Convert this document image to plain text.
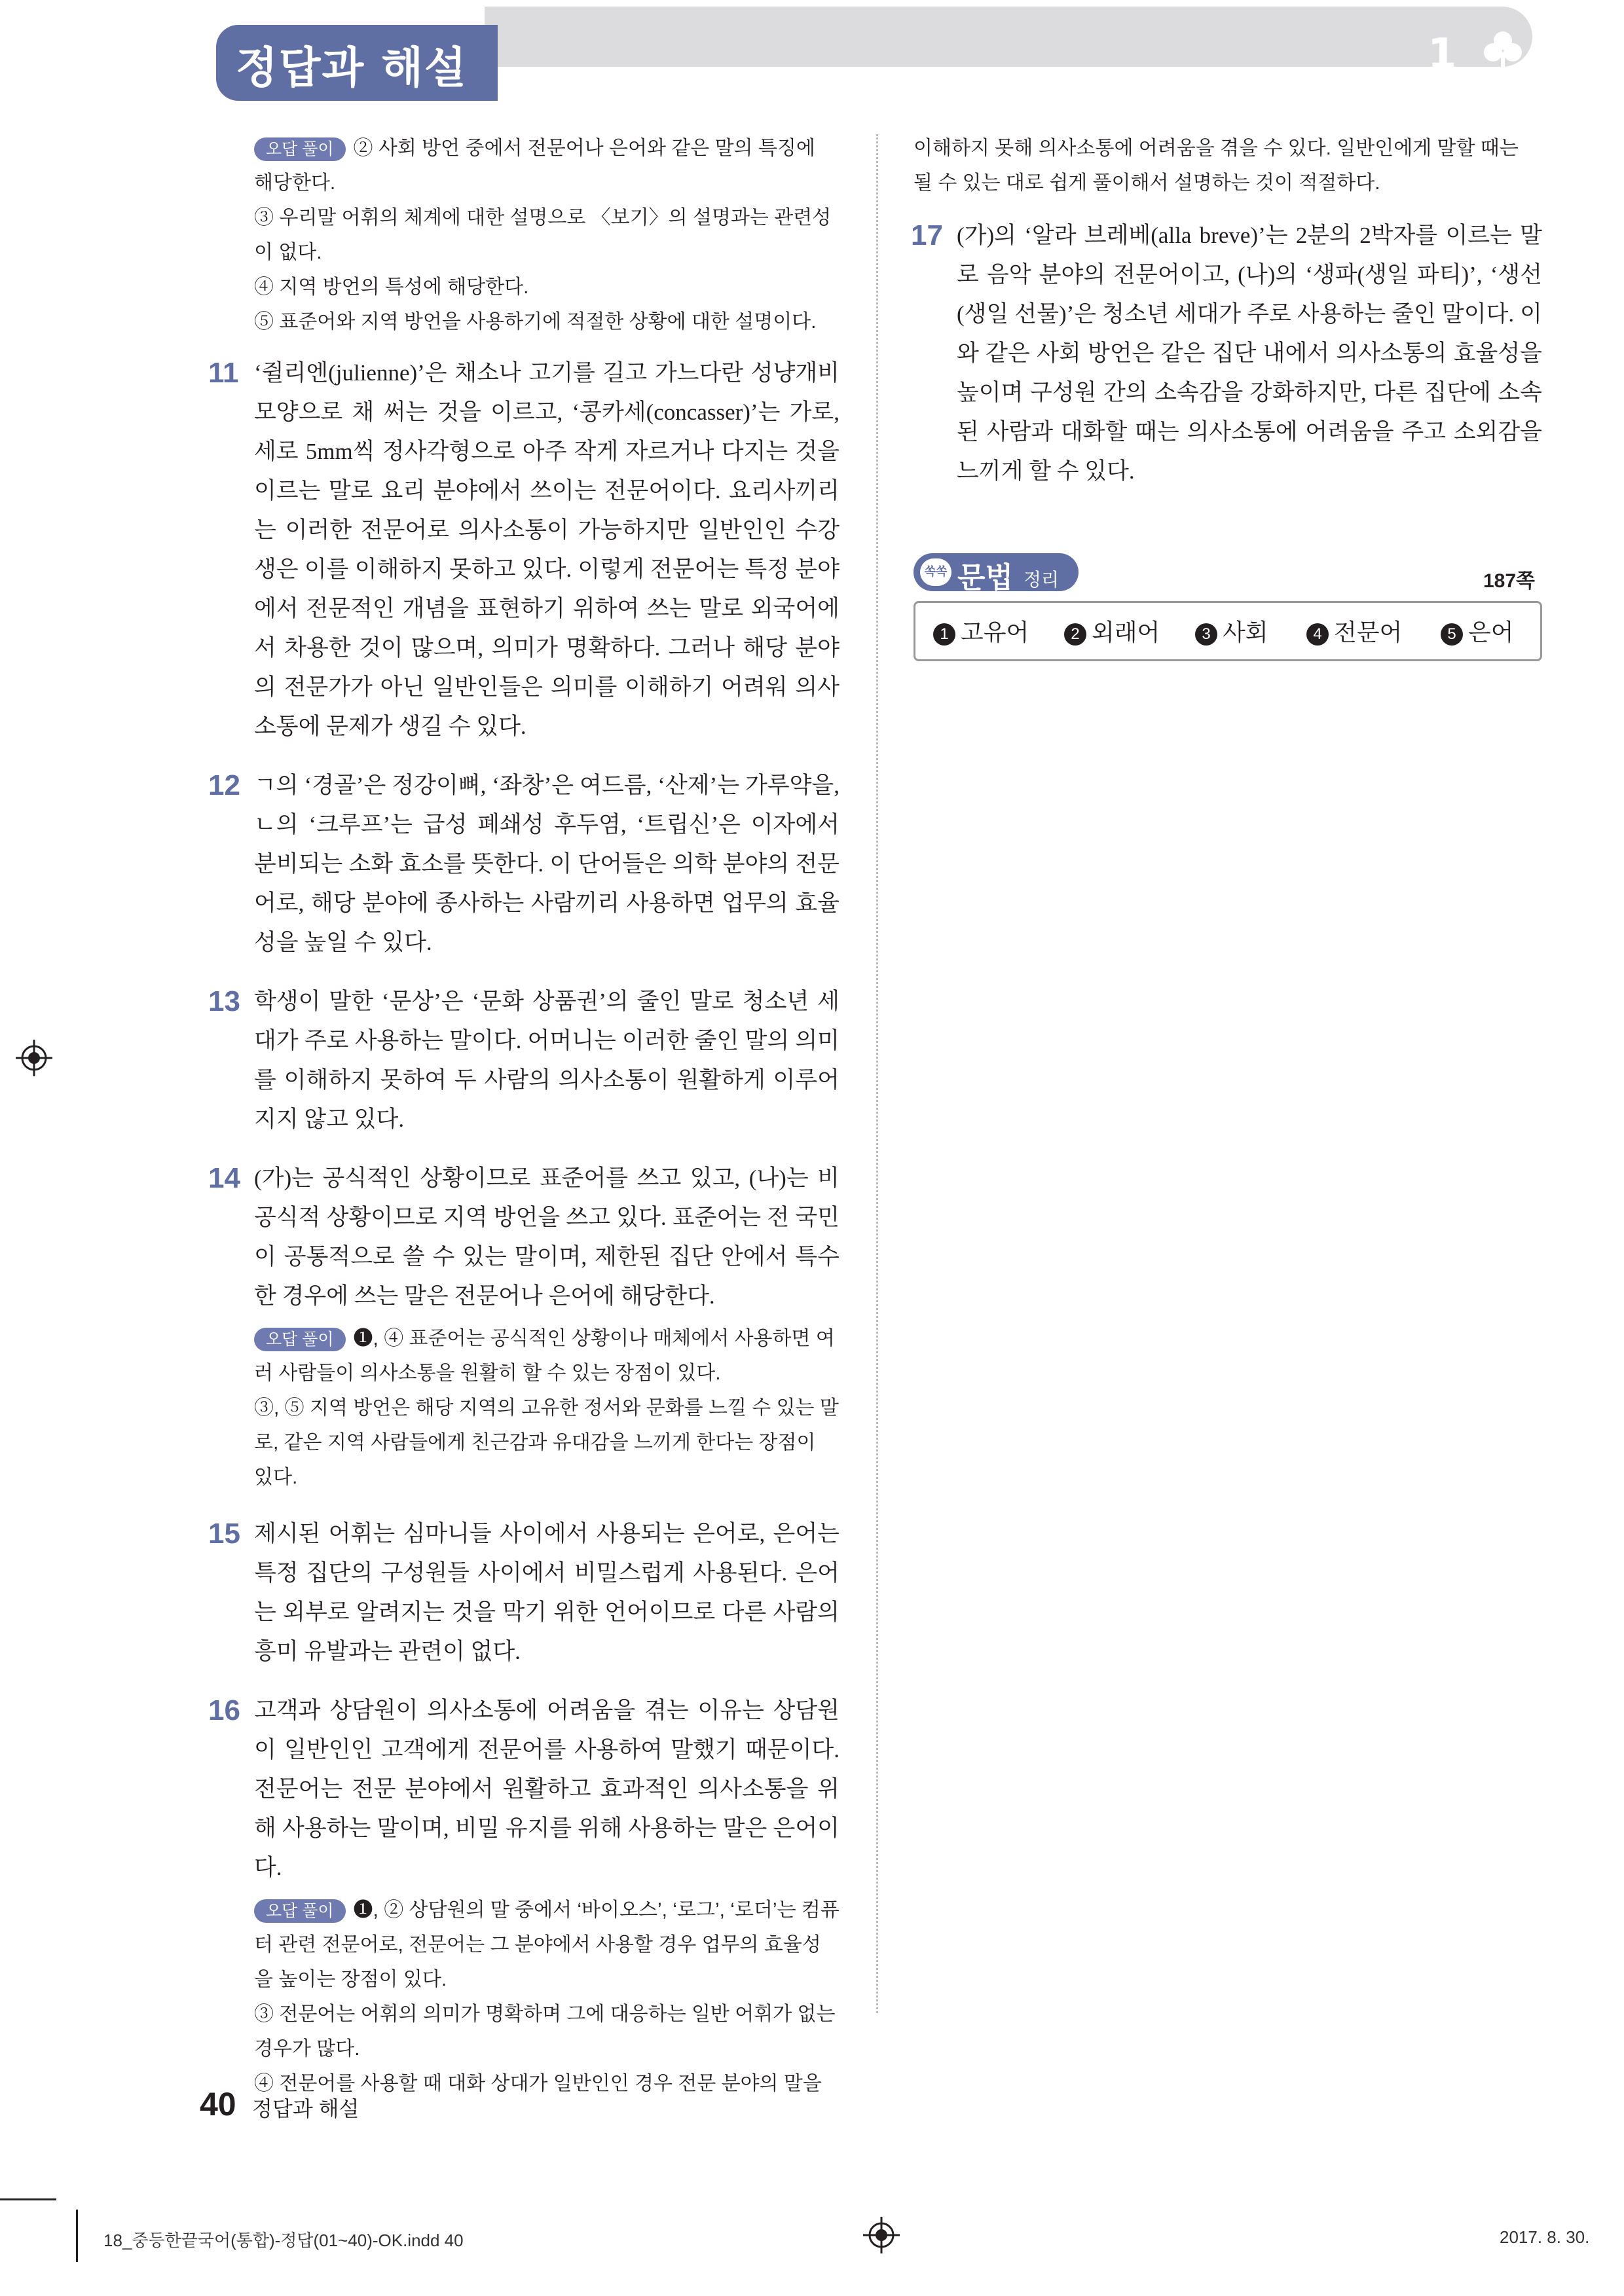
정답과 해설	1
오답 풀이 ② 사회 방언 중에서 전문어나 은어와 같은 말의 특징에 해당한다.
③ 우리말 어휘의 체계에 대한 설명으로 〈보기〉의 설명과는 관련성이 없다.
④ 지역 방언의 특성에 해당한다.
⑤ 표준어와 지역 방언을 사용하기에 적절한 상황에 대한 설명이다.
11 ‘쥘리엔(julienne)’은 채소나 고기를 길고 가느다란 성냥개비 모양으로 채 써는 것을 이르고, ‘콩카세(concasser)’는 가로, 세로 5mm씩 정사각형으로 아주 작게 자르거나 다지는 것을 이르는 말로 요리 분야에서 쓰이는 전문어이다. 요리사끼리는 이러한 전문어로 의사소통이 가능하지만 일반인인 수강생은 이를 이해하지 못하고 있다. 이렇게 전문어는 특정 분야에서 전문적인 개념을 표현하기 위하여 쓰는 말로 외국어에서 차용한 것이 많으며, 의미가 명확하다. 그러나 해당 분야의 전문가가 아닌 일반인들은 의미를 이해하기 어려워 의사소통에 문제가 생길 수 있다.
12 ㄱ의 ‘경골’은 정강이뼈, ‘좌창’은 여드름, ‘산제’는 가루약을, ㄴ의 ‘크루프’는 급성 폐쇄성 후두염, ‘트립신’은 이자에서 분비되는 소화 효소를 뜻한다. 이 단어들은 의학 분야의 전문어로, 해당 분야에 종사하는 사람끼리 사용하면 업무의 효율성을 높일 수 있다.
13 학생이 말한 ‘문상’은 ‘문화 상품권’의 줄인 말로 청소년 세대가 주로 사용하는 말이다. 어머니는 이러한 줄인 말의 의미를 이해하지 못하여 두 사람의 의사소통이 원활하게 이루어지지 않고 있다.
14 (가)는 공식적인 상황이므로 표준어를 쓰고 있고, (나)는 비공식적 상황이므로 지역 방언을 쓰고 있다. 표준어는 전 국민이 공통적으로 쓸 수 있는 말이며, 제한된 집단 안에서 특수한 경우에 쓰는 말은 전문어나 은어에 해당한다.
오답 풀이 ❶, ④ 표준어는 공식적인 상황이나 매체에서 사용하면 여러 사람들이 의사소통을 원활히 할 수 있는 장점이 있다.
③, ⑤ 지역 방언은 해당 지역의 고유한 정서와 문화를 느낄 수 있는 말로, 같은 지역 사람들에게 친근감과 유대감을 느끼게 한다는 장점이 있다.
15 제시된 어휘는 심마니들 사이에서 사용되는 은어로, 은어는 특정 집단의 구성원들 사이에서 비밀스럽게 사용된다. 은어는 외부로 알려지는 것을 막기 위한 언어이므로 다른 사람의 흥미 유발과는 관련이 없다.
16 고객과 상담원이 의사소통에 어려움을 겪는 이유는 상담원이 일반인인 고객에게 전문어를 사용하여 말했기 때문이다. 전문어는 전문 분야에서 원활하고 효과적인 의사소통을 위해 사용하는 말이며, 비밀 유지를 위해 사용하는 말은 은어이다.
오답 풀이 ❶, ② 상담원의 말 중에서 ‘바이오스’, ‘로그’, ‘로더’는 컴퓨터 관련 전문어로, 전문어는 그 분야에서 사용할 경우 업무의 효율성을 높이는 장점이 있다.
③ 전문어는 어휘의 의미가 명확하며 그에 대응하는 일반 어휘가 없는 경우가 많다.
④ 전문어를 사용할 때 대화 상대가 일반인인 경우 전문 분야의 말을
이해하지 못해 의사소통에 어려움을 겪을 수 있다. 일반인에게 말할 때는 될 수 있는 대로 쉽게 풀이해서 설명하는 것이 적절하다.
17 (가)의 ‘알라 브레베(alla breve)’는 2분의 2박자를 이르는 말로 음악 분야의 전문어이고, (나)의 ‘생파(생일 파티)’, ‘생선(생일 선물)’은 청소년 세대가 주로 사용하는 줄인 말이다. 이와 같은 사회 방언은 같은 집단 내에서 의사소통의 효율성을 높이며 구성원 간의 소속감을 강화하지만, 다른 집단에 소속된 사람과 대화할 때는 의사소통에 어려움을 주고 소외감을 느끼게 할 수 있다.
쏙쏙 문법 정리	187쪽
1 고유어	2 외래어	3 사회	4 전문어	5 은어
40 정답과 해설
18_중등한끝국어(통합)-정답(01~40)-OK.indd 40	2017. 8. 30.
